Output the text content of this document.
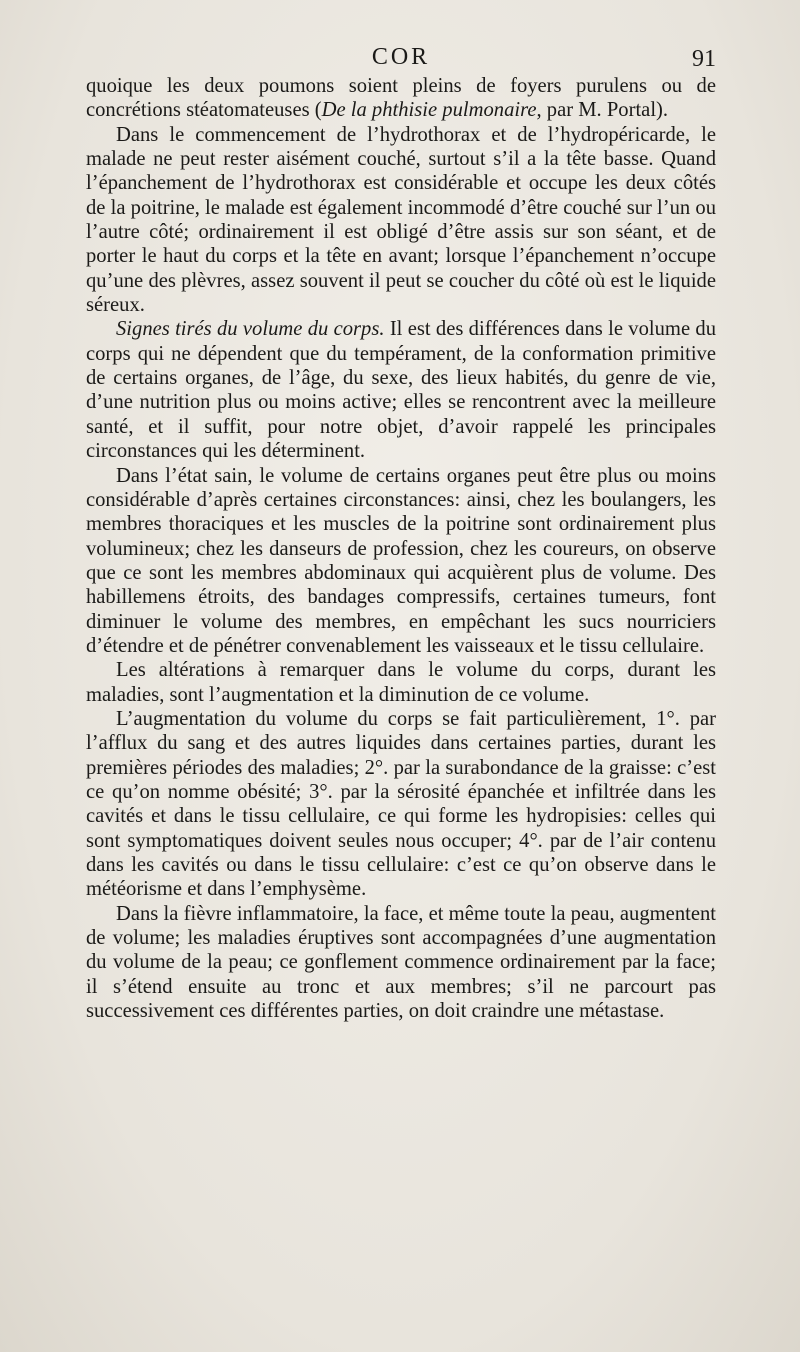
COR	91

quoique les deux poumons soient pleins de foyers purulens ou de concrétions stéatomateuses (De la phthisie pulmonaire, par M. Portal).

Dans le commencement de l’hydrothorax et de l’hydropéricarde, le malade ne peut rester aisément couché, surtout s’il a la tête basse. Quand l’épanchement de l’hydrothorax est considérable et occupe les deux côtés de la poitrine, le malade est également incommodé d’être couché sur l’un ou l’autre côté; ordinairement il est obligé d’être assis sur son séant, et de porter le haut du corps et la tête en avant; lorsque l’épanchement n’occupe qu’une des plèvres, assez souvent il peut se coucher du côté où est le liquide séreux.

Signes tirés du volume du corps. Il est des différences dans le volume du corps qui ne dépendent que du tempérament, de la conformation primitive de certains organes, de l’âge, du sexe, des lieux habités, du genre de vie, d’une nutrition plus ou moins active; elles se rencontrent avec la meilleure santé, et il suffit, pour notre objet, d’avoir rappelé les principales circonstances qui les déterminent.

Dans l’état sain, le volume de certains organes peut être plus ou moins considérable d’après certaines circonstances: ainsi, chez les boulangers, les membres thoraciques et les muscles de la poitrine sont ordinairement plus volumineux; chez les danseurs de profession, chez les coureurs, on observe que ce sont les membres abdominaux qui acquièrent plus de volume. Des habillemens étroits, des bandages compressifs, certaines tumeurs, font diminuer le volume des membres, en empêchant les sucs nourriciers d’étendre et de pénétrer convenablement les vaisseaux et le tissu cellulaire.

Les altérations à remarquer dans le volume du corps, durant les maladies, sont l’augmentation et la diminution de ce volume.

L’augmentation du volume du corps se fait particulièrement, 1°. par l’afflux du sang et des autres liquides dans certaines parties, durant les premières périodes des maladies; 2°. par la surabondance de la graisse: c’est ce qu’on nomme obésité; 3°. par la sérosité épanchée et infiltrée dans les cavités et dans le tissu cellulaire, ce qui forme les hydropisies: celles qui sont symptomatiques doivent seules nous occuper; 4°. par de l’air contenu dans les cavités ou dans le tissu cellulaire: c’est ce qu’on observe dans le météorisme et dans l’emphysème.

Dans la fièvre inflammatoire, la face, et même toute la peau, augmentent de volume; les maladies éruptives sont accompagnées d’une augmentation du volume de la peau; ce gonflement commence ordinairement par la face; il s’étend ensuite au tronc et aux membres; s’il ne parcourt pas successivement ces différentes parties, on doit craindre une métastase.
